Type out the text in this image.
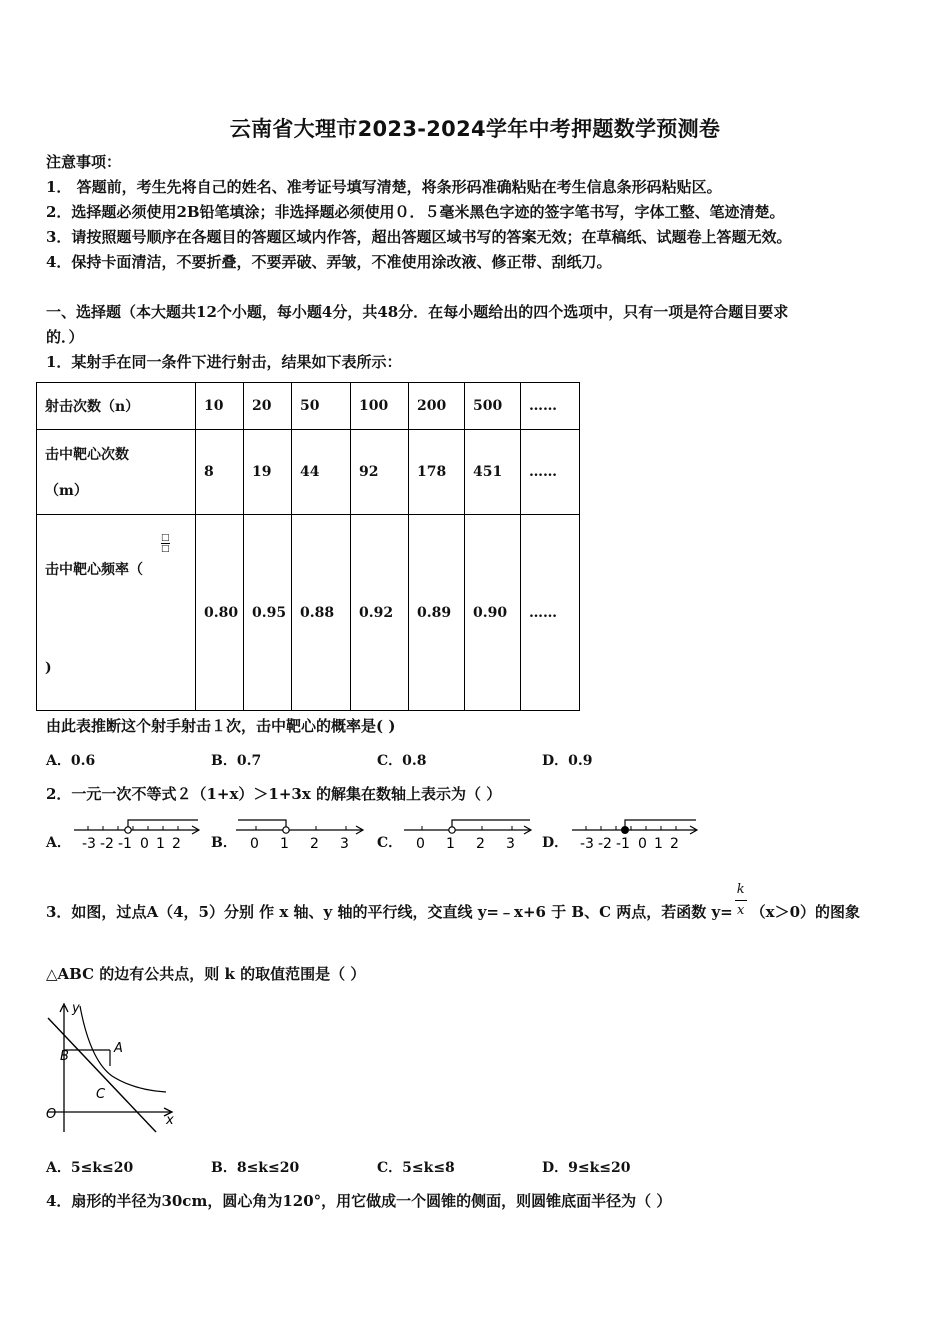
云南省大理市2023-2024学年中考押题数学预测卷
注意事项：
1． 答题前，考生先将自己的姓名、准考证号填写清楚，将条形码准确粘贴在考生信息条形码粘贴区。
2．选择题必须使用2B铅笔填涂；非选择题必须使用０．５毫米黑色字迹的签字笔书写，字体工整、笔迹清楚。
3．请按照题号顺序在各题目的答题区域内作答，超出答题区域书写的答案无效；在草稿纸、试题卷上答题无效。
4．保持卡面清洁，不要折叠，不要弄破、弄皱，不准使用涂改液、修正带、刮纸刀。
一、选择题（本大题共12个小题，每小题4分，共48分．在每小题给出的四个选项中，只有一项是符合题目要求
的．）
1．某射手在同一条件下进行射击，结果如下表所示：
射击次数（n）	10	20	50	100	200	500	……

击中靶心次数
（m）	8	19	44	92	178	451	……

击中靶心频率（
□
□
)	0.80	0.95	0.88	0.92	0.89	0.90	……
由此表推断这个射手射击１次，击中靶心的概率是( )
A．0.6	B．0.7	C．0.8	D．0.9
2．一元一次不等式２（1+x）＞1+3x 的解集在数轴上表示为（ ）
A．	B．	C．	D．
-3 -2 -1 0 1 2	0 1 2 3	0 1 2 3	-3 -2 -1 0 1 2
3．如图，过点A（4，5）分别 作 x 轴、y 轴的平行线，交直线 y=﹣x+6 于 B、C 两点，若函数 $y= \frac{k}{x} (x>0)$的图象
△ABC 的边有公共点，则 k 的取值范围是（ ）
y
x
O
A
B
C
A．5≤k≤20	B．8≤k≤20	C．5≤k≤8	D．9≤k≤20
4．扇形的半径为30cm，圆心角为120°，用它做成一个圆锥的侧面，则圆锥底面半径为（ ）
